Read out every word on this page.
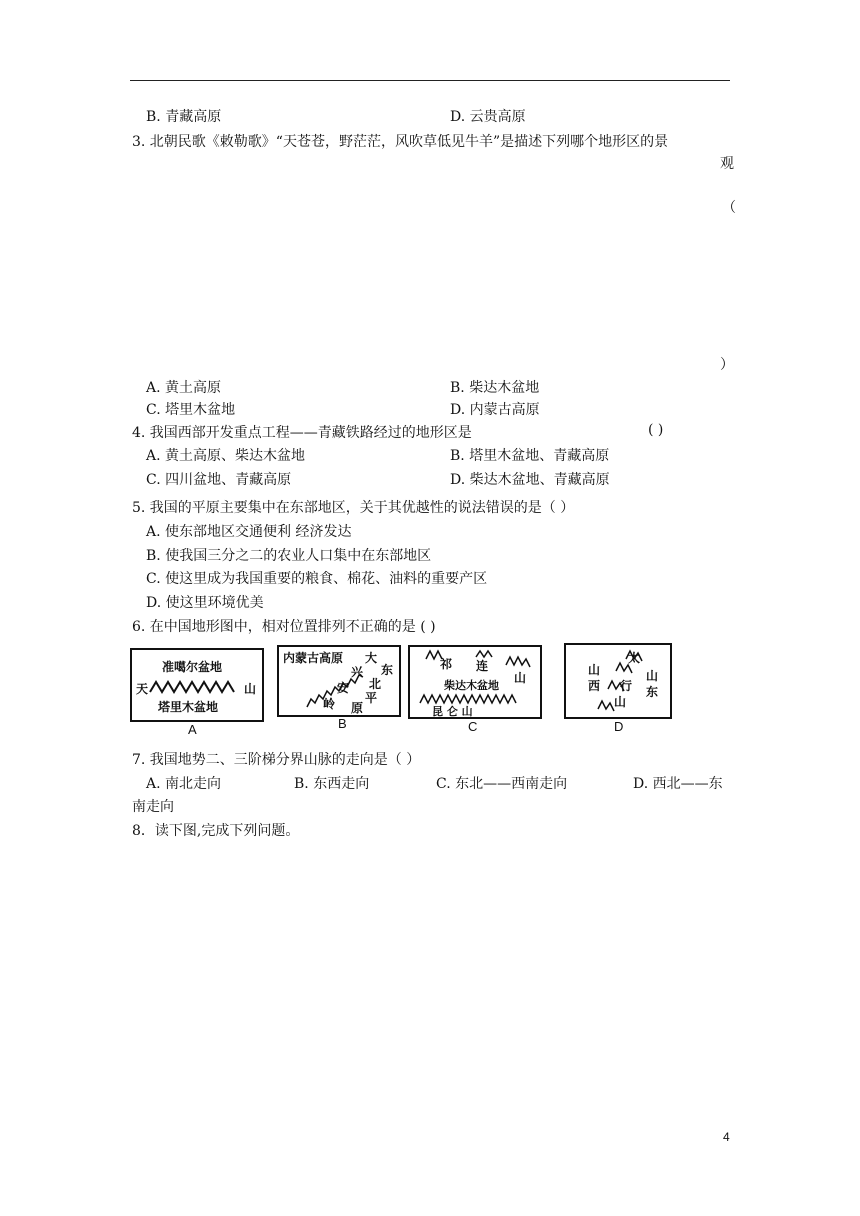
B. 青藏高原	D. 云贵高原
3. 北朝民歌《敕勒歌》“天苍苍，野茫茫，风吹草低见牛羊”是描述下列哪个地形区的景
观
（
）
A. 黄土高原	B. 柴达木盆地
C. 塔里木盆地	D. 内蒙古高原
4. 我国西部开发重点工程——青藏铁路经过的地形区是	( )
A. 黄土高原、柴达木盆地	B. 塔里木盆地、青藏高原
C. 四川盆地、青藏高原	D. 柴达木盆地、青藏高原
5. 我国的平原主要集中在东部地区，关于其优越性的说法错误的是（ ）
A. 使东部地区交通便利 经济发达
B. 使我国三分之二的农业人口集中在东部地区
C. 使这里成为我国重要的粮食、棉花、油料的重要产区
D. 使这里环境优美
6. 在中国地形图中，相对位置排列不正确的是 ( )
准噶尔盆地
天	山
塔里木盆地
A
内蒙古高原 大
兴
安
岭
东
北
平
原
B
祁 连
山
柴达木盆地
昆 仑 山
C
山
西
太
行
山
山
东
D
7. 我国地势二、三阶梯分界山脉的走向是（ ）
A. 南北走向	B. 东西走向	C. 东北——西南走向	D. 西北——东
南走向
8．读下图,完成下列问题。
4
